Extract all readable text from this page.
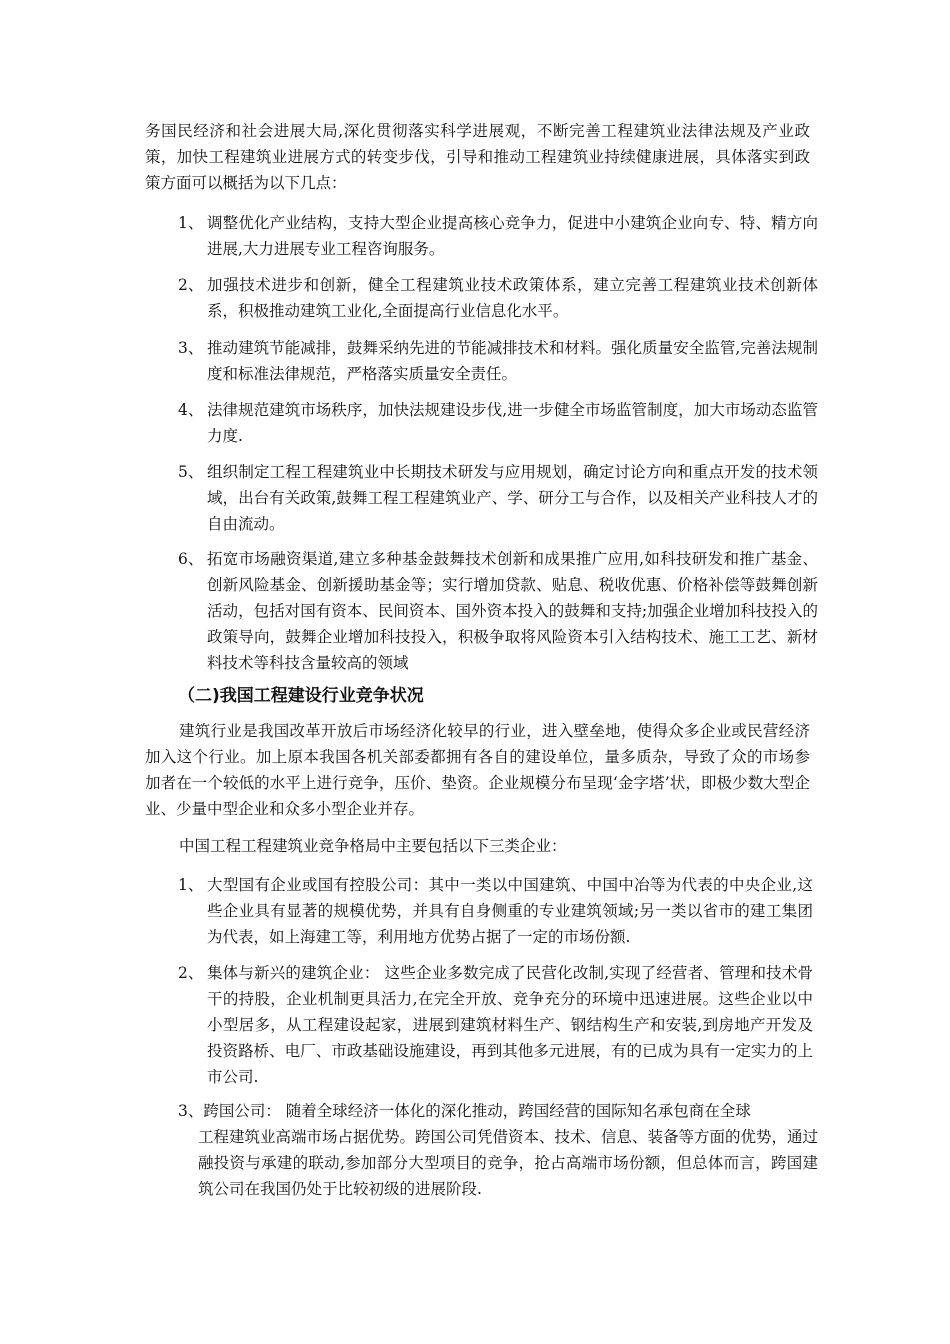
务国民经济和社会进展大局,深化贯彻落实科学进展观，不断完善工程建筑业法律法规及产业政策，加快工程建筑业进展方式的转变步伐，引导和推动工程建筑业持续健康进展，具体落实到政策方面可以概括为以下几点：
1、 调整优化产业结构，支持大型企业提高核心竞争力，促进中小建筑企业向专、特、精方向进展,大力进展专业工程咨询服务。
2、 加强技术进步和创新，健全工程建筑业技术政策体系，建立完善工程建筑业技术创新体系，积极推动建筑工业化,全面提高行业信息化水平。
3、 推动建筑节能减排，鼓舞采纳先进的节能减排技术和材料。强化质量安全监管,完善法规制度和标准法律规范，严格落实质量安全责任。
4、 法律规范建筑市场秩序，加快法规建设步伐,进一步健全市场监管制度，加大市场动态监管力度.
5、 组织制定工程工程建筑业中长期技术研发与应用规划，确定讨论方向和重点开发的技术领域，出台有关政策,鼓舞工程工程建筑业产、学、研分工与合作，以及相关产业科技人才的自由流动。
6、 拓宽市场融资渠道,建立多种基金鼓舞技术创新和成果推广应用,如科技研发和推广基金、创新风险基金、创新援助基金等；实行增加贷款、贴息、税收优惠、价格补偿等鼓舞创新活动，包括对国有资本、民间资本、国外资本投入的鼓舞和支持;加强企业增加科技投入的政策导向，鼓舞企业增加科技投入，积极争取将风险资本引入结构技术、施工工艺、新材料技术等科技含量较高的领域
（二)我国工程建设行业竞争状况
建筑行业是我国改革开放后市场经济化较早的行业，进入壁垒地，使得众多企业或民营经济加入这个行业。加上原本我国各机关部委都拥有各自的建设单位，量多质杂，导致了众的市场参加者在一个较低的水平上进行竞争，压价、垫资。企业规模分布呈现‘金字塔’状，即极少数大型企业、少量中型企业和众多小型企业并存。
中国工程工程建筑业竞争格局中主要包括以下三类企业：
1、 大型国有企业或国有控股公司：其中一类以中国建筑、中国中冶等为代表的中央企业,这些企业具有显著的规模优势，并具有自身侧重的专业建筑领域;另一类以省市的建工集团为代表，如上海建工等，利用地方优势占据了一定的市场份额.
2、 集体与新兴的建筑企业： 这些企业多数完成了民营化改制,实现了经营者、管理和技术骨干的持股，企业机制更具活力,在完全开放、竞争充分的环境中迅速进展。这些企业以中小型居多，从工程建设起家，进展到建筑材料生产、钢结构生产和安装,到房地产开发及投资路桥、电厂、市政基础设施建设，再到其他多元进展，有的已成为具有一定实力的上市公司.
3、跨国公司： 随着全球经济一体化的深化推动，跨国经营的国际知名承包商在全球
工程建筑业高端市场占据优势。跨国公司凭借资本、技术、信息、装备等方面的优势，通过融投资与承建的联动,参加部分大型项目的竞争，抢占高端市场份额，但总体而言，跨国建筑公司在我国仍处于比较初级的进展阶段.
